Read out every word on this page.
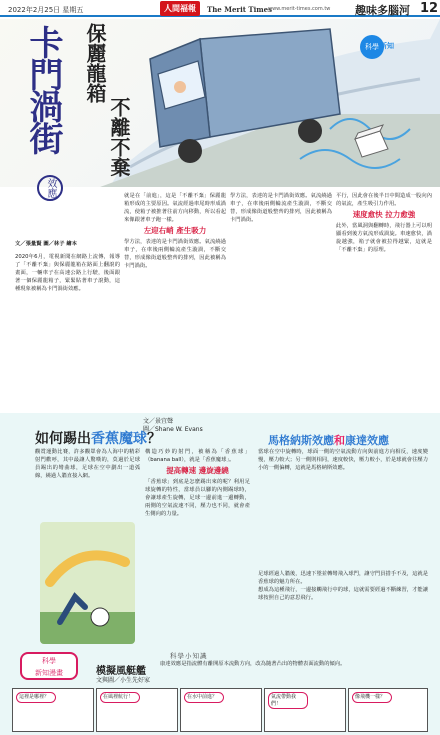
2022年2月25日 星期五	人間福報	The Merit Times
www.merit-times.com.tw 趣味多腦河 12
卡門渦街 保麗龍箱
不離不棄
科學 新知
效應
文／張量賢 圖／林子 繪本
2020年6月，電視新聞在網路上流傳，報導了「不離不棄」與保麗龍箱在路面上翻滾的畫面，一輛車子在高速公路上行駛，後面跟著一個保麗龍箱子，緊緊貼著車子滾動，這種現象被稱為卡門渦街效應。
就是在「前進」，這是「不離不棄」保麗龍箱形成的主要原因。氣流經過車尾時形成渦流，使箱子被推著往前方向移動，所以看起來像跟著車子跑一樣。
左迎右峭 產生吸力
學方法，表達的是卡門渦街效應。氣流繞過車子，在車後兩側輪流產生漩渦，不斷交替，形成像街道般整齊的排列，因此被稱為卡門渦街。
學方法，表達的是卡門渦街效應。氣流繞過車子，在車後兩側輪流產生漩渦，不斷交替，形成像街道般整齊的排列，因此被稱為卡門渦街。
平行，因此會在後半日中間造成一股向內的氣流，產生吸引力作用。
速度愈快 拉力愈強
此外，當風洞與翻轉時，飛行器上可以明顯看到後方氣流形成渦旋。車速愈快，渦旋越強，箱子就會被拉得越緊，這就是「不離不棄」的原理。
如何踢出香蕉魔球？
文／景宜聲
圖／Shane W. Evans
馬格納斯效應和康達效應
觀賞運動比賽，許多觀眾會為人海中的精彩射門歡呼，其中最讓人驚嘆的，莫過於足球員踢出的彎曲球，足球在空中劃出一道弧線，繞過人牆直接入網。
構造巧妙的射門，被稱為「香蕉球」（banana ball），就是「香蕉魔球」。
提高轉速 邊旋邊繞
「香蕉球」到底是怎麼踢出來的呢？利用足球旋轉的特性，當球員以腳的內側踢球時，會讓球產生旋轉，足球一邊前進一邊轉動，兩側的空氣流速不同，壓力也不同，就會產生側向的力量。
當球在空中旋轉時，球面一側的空氣流動方向與前進方向相反，速度變慢，壓力較大；另一側則相同，速度較快，壓力較小，於是球就會往壓力小的一側偏轉，這就是馬格納斯效應。
足球經過人牆後，迅速下墜並轉彎飛入球門，讓守門員措手不及，這就是香蕉球的魅力所在。
想成為這種飛行，一邊接觸飛行中的球，這就需要經過不斷練習，才能讓球按照自己的意思飛行。
科學
新知漫畫	模擬風艇艦
文與圖／小生先好家
科學小知識
康達效應是指流體有離開原本流動方向，改為隨著凸出的物體表面流動的傾向。
這裡是哪裡？	在風裡航行！	在水中前進？	氣流帶動我們！
像飛機一樣？
